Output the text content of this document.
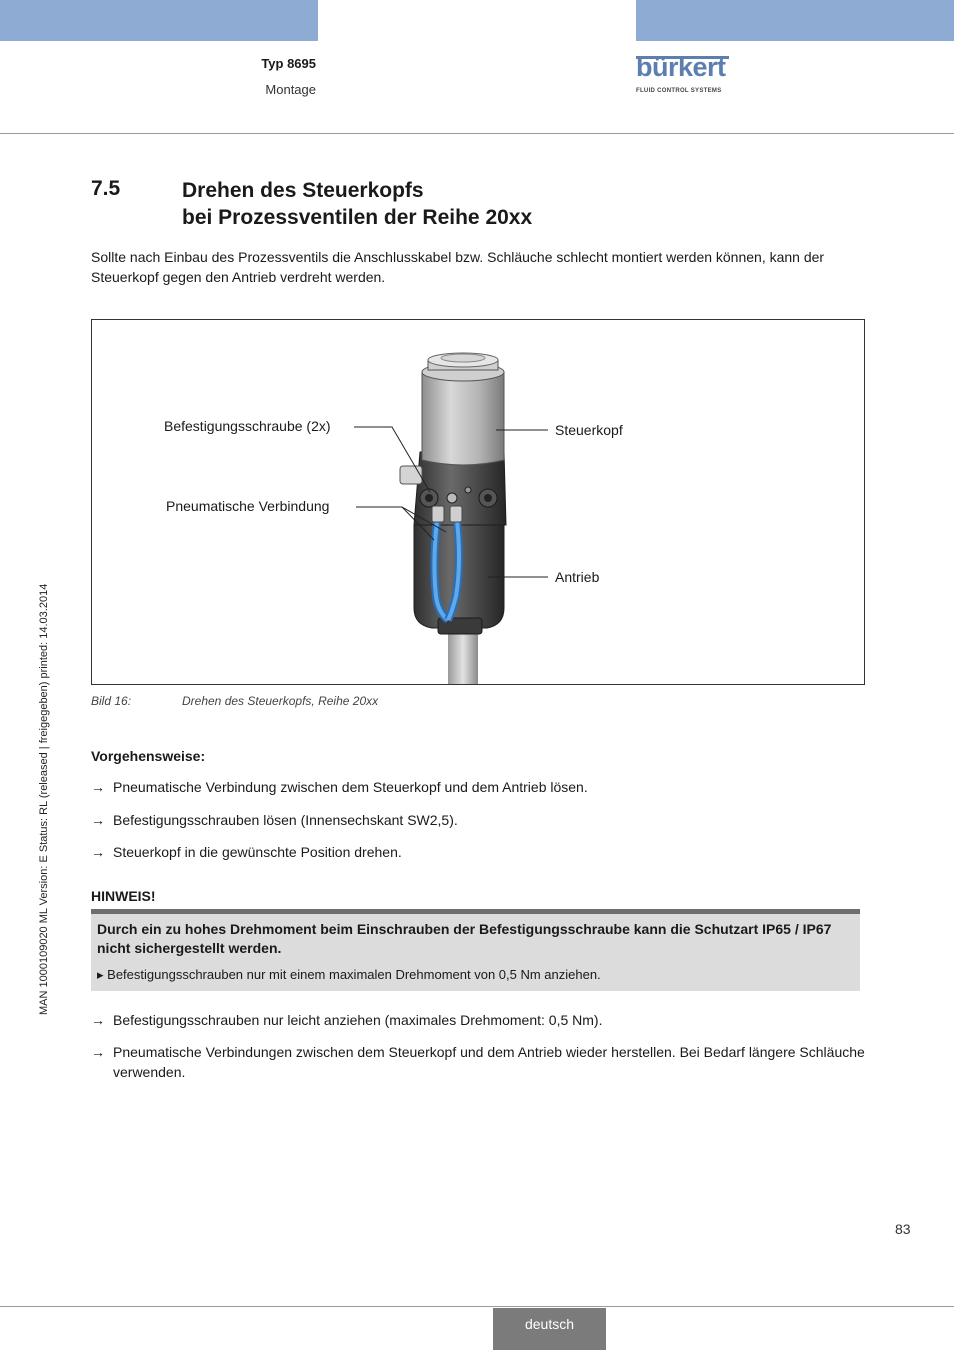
Typ 8695
Montage
bürkert
FLUID CONTROL SYSTEMS
7.5	Drehen des Steuerkopfs
bei Prozessventilen der Reihe 20xx
Sollte nach Einbau des Prozessventils die Anschlusskabel bzw. Schläuche schlecht montiert werden können, kann der Steuerkopf gegen den Antrieb verdreht werden.
Befestigungsschraube (2x)
Pneumatische Verbindung
Steuerkopf
Antrieb
Bild 16:	Drehen des Steuerkopfs, Reihe 20xx
Vorgehensweise:
→ Pneumatische Verbindung zwischen dem Steuerkopf und dem Antrieb lösen.
→ Befestigungsschrauben lösen (Innensechskant SW2,5).
→ Steuerkopf in die gewünschte Position drehen.
HINWEIS!
Durch ein zu hohes Drehmoment beim Einschrauben der Befestigungsschraube kann die Schutzart IP65 / IP67 nicht sichergestellt werden.
▸ Befestigungsschrauben nur mit einem maximalen Drehmoment von 0,5 Nm anziehen.
→ Befestigungsschrauben nur leicht anziehen (maximales Drehmoment: 0,5 Nm).
→ Pneumatische Verbindungen zwischen dem Steuerkopf und dem Antrieb wieder herstellen. Bei Bedarf längere Schläuche verwenden.
MAN 1000109020 ML Version: E Status: RL (released | freigegeben) printed: 14.03.2014
83
deutsch
